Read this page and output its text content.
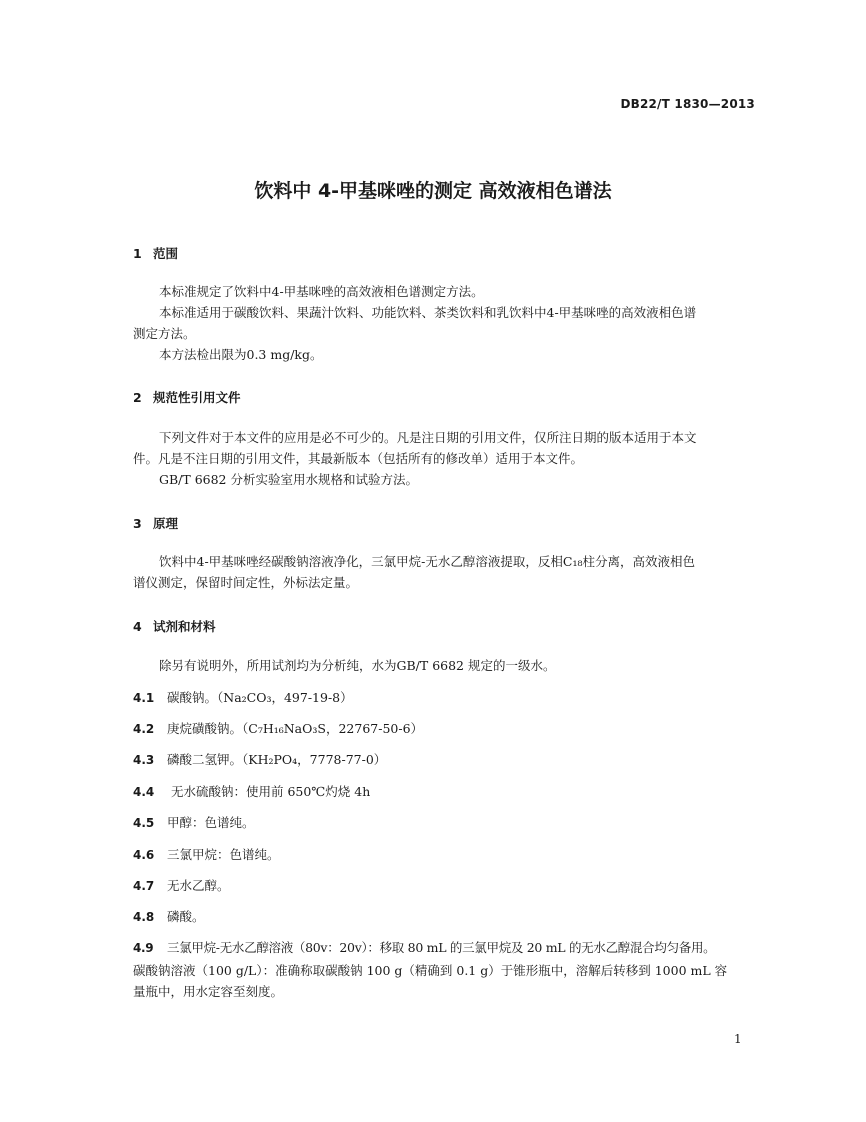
DB22/T 1830—2013
饮料中 4-甲基咪唑的测定 高效液相色谱法
1 范围
本标准规定了饮料中4-甲基咪唑的高效液相色谱测定方法。
本标准适用于碳酸饮料、果蔬汁饮料、功能饮料、茶类饮料和乳饮料中4-甲基咪唑的高效液相色谱
测定方法。
本方法检出限为0.3 mg/kg。
2 规范性引用文件
下列文件对于本文件的应用是必不可少的。凡是注日期的引用文件，仅所注日期的版本适用于本文
件。凡是不注日期的引用文件，其最新版本（包括所有的修改单）适用于本文件。
GB/T 6682 分析实验室用水规格和试验方法。
3 原理
饮料中4-甲基咪唑经碳酸钠溶液净化，三氯甲烷-无水乙醇溶液提取，反相C₁₈柱分离，高效液相色
谱仪测定，保留时间定性，外标法定量。
4 试剂和材料
除另有说明外，所用试剂均为分析纯，水为GB/T 6682 规定的一级水。
4.1 碳酸钠。（Na₂CO₃，497-19-8）
4.2 庚烷磺酸钠。（C₇H₁₆NaO₃S，22767-50-6）
4.3 磷酸二氢钾。（KH₂PO₄，7778-77-0）
4.4 无水硫酸钠：使用前 650℃灼烧 4h
4.5 甲醇：色谱纯。
4.6 三氯甲烷：色谱纯。
4.7 无水乙醇。
4.8 磷酸。
4.9 三氯甲烷-无水乙醇溶液（80v：20v）：移取 80 mL 的三氯甲烷及 20 mL 的无水乙醇混合均匀备用。
碳酸钠溶液（100 g/L）：准确称取碳酸钠 100 g（精确到 0.1 g）于锥形瓶中，溶解后转移到 1000 mL 容
量瓶中，用水定容至刻度。
1
